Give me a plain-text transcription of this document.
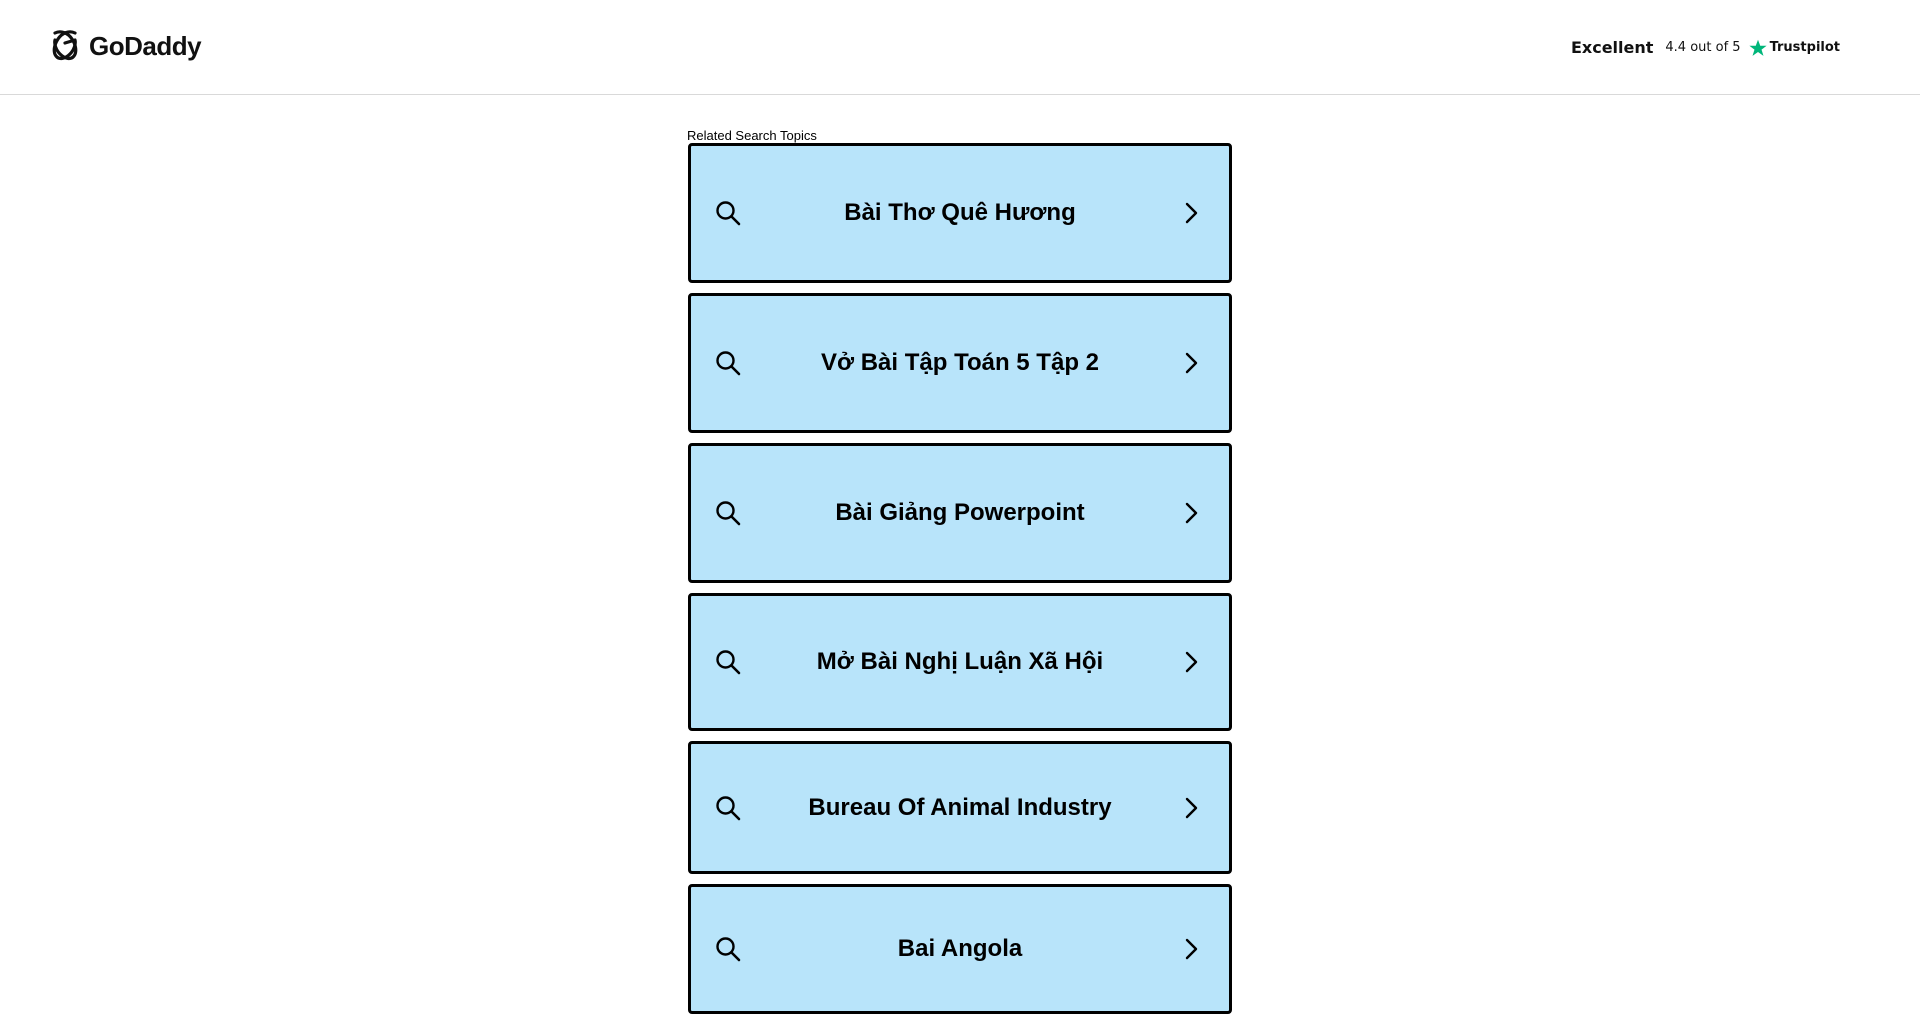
GoDaddy	Excellent 4.4 out of 5 Trustpilot
Related Search Topics
Bài Thơ Quê Hương
Vở Bài Tập Toán 5 Tập 2
Bài Giảng Powerpoint
Mở Bài Nghị Luận Xã Hội
Bureau Of Animal Industry
Bai Angola
